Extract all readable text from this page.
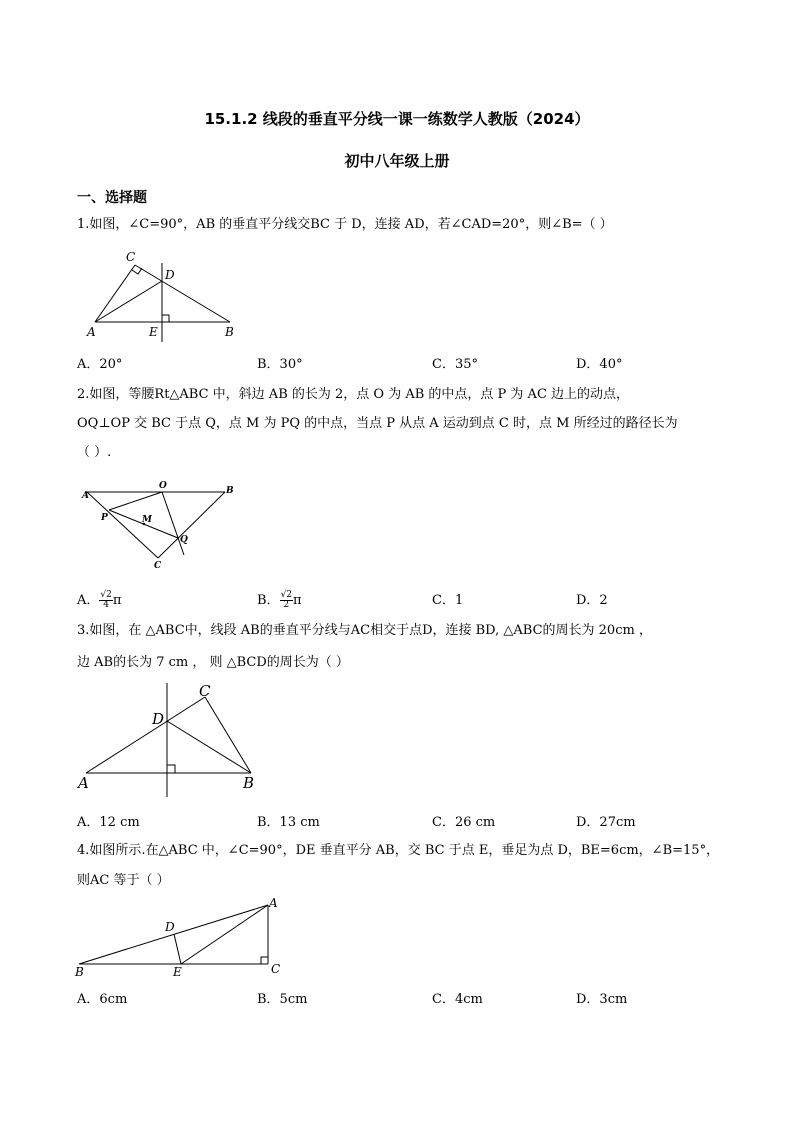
15.1.2 线段的垂直平分线一课一练数学人教版（2024）
初中八年级上册
一、选择题
1.如图，∠C=90°，AB 的垂直平分线交BC 于 D，连接 AD，若∠CAD=20°，则∠B=（ ）
C
D
A	E	B
A．20°	B．30°	C．35°	D．40°
2.如图，等腰Rt△ABC 中，斜边 AB 的长为 2，点 O 为 AB 的中点，点 P 为 AC 边上的动点，
OQ⊥OP 交 BC 于点 Q，点 M 为 PQ 的中点，当点 P 从点 A 运动到点 C 时，点 M 所经过的路径长为
（ ）.
A
O	B
P	M
Q
C
A． $\frac{√2}{4}$ π	B． $\frac{√2}{2}$ π	C．1	D．2
3.如图，在 △ABC中，线段 AB的垂直平分线与AC相交于点D，连接 BD, △ABC的周长为 20cm ，
边 AB的长为 7 cm ， 则 △BCD的周长为（ ）
C
D
A	B
A．12 cm	B．13 cm	C．26 cm	D．27cm
4.如图所示.在△ABC 中，∠C=90°，DE 垂直平分 AB，交 BC 于点 E，垂足为点 D，BE=6cm，∠B=15°，
则AC 等于（ ）
A
D
B	E	C
A．6cm	B．5cm	C．4cm	D．3cm
